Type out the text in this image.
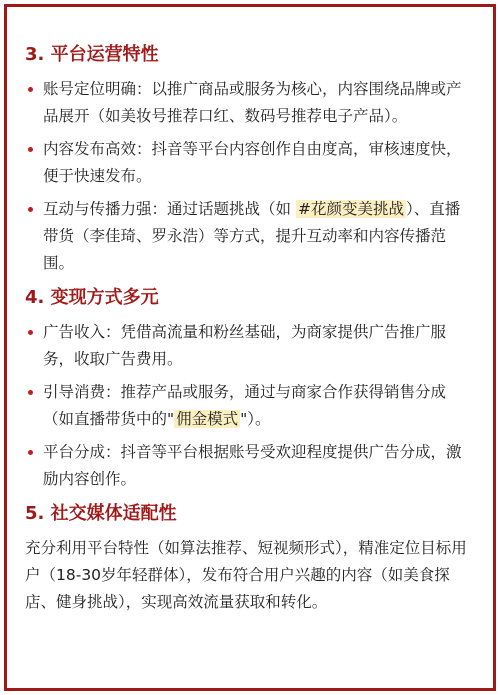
3. 平台运营特性
账号定位明确：以推广商品或服务为核心，内容围绕品牌或产品展开（如美妆号推荐口红、数码号推荐电子产品）。
内容发布高效：抖音等平台内容创作自由度高，审核速度快，便于快速发布。
互动与传播力强：通过话题挑战（如 #花颜变美挑战 ）、直播带货（李佳琦、罗永浩）等方式，提升互动率和内容传播范围。
4. 变现方式多元
广告收入：凭借高流量和粉丝基础，为商家提供广告推广服务，收取广告费用。
引导消费：推荐产品或服务，通过与商家合作获得销售分成（如直播带货中的" 佣金模式 "）。
平台分成：抖音等平台根据账号受欢迎程度提供广告分成，激励内容创作。
5. 社交媒体适配性

充分利用平台特性（如算法推荐、短视频形式），精准定位目标用户（18-30岁年轻群体），发布符合用户兴趣的内容（如美食探店、健身挑战），实现高效流量获取和转化。
